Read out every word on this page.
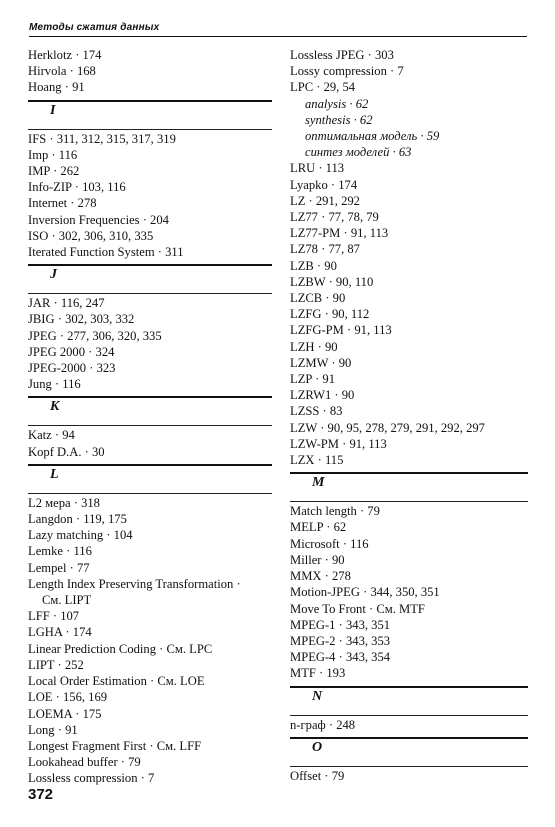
Методы сжатия данных
Herklotz · 174
Hirvola · 168
Hoang · 91
I
IFS · 311, 312, 315, 317, 319
Imp · 116
IMP · 262
Info-ZIP · 103, 116
Internet · 278
Inversion Frequencies · 204
ISO · 302, 306, 310, 335
Iterated Function System · 311
J
JAR · 116, 247
JBIG · 302, 303, 332
JPEG · 277, 306, 320, 335
JPEG 2000 · 324
JPEG-2000 · 323
Jung · 116
K
Katz · 94
Kopf D.A. · 30
L
L2 мера · 318
Langdon · 119, 175
Lazy matching · 104
Lemke · 116
Lempel · 77
Length Index Preserving Transformation ·
См. LIPT
LFF · 107
LGHA · 174
Linear Prediction Coding · См. LPC
LIPT · 252
Local Order Estimation · См. LOE
LOE · 156, 169
LOEMA · 175
Long · 91
Longest Fragment First · См. LFF
Lookahead buffer · 79
Lossless compression · 7
Lossless JPEG · 303
Lossy compression · 7
LPC · 29, 54
analysis · 62
synthesis · 62
оптимальная модель · 59
синтез моделей · 63
LRU · 113
Lyapko · 174
LZ · 291, 292
LZ77 · 77, 78, 79
LZ77-PM · 91, 113
LZ78 · 77, 87
LZB · 90
LZBW · 90, 110
LZCB · 90
LZFG · 90, 112
LZFG-PM · 91, 113
LZH · 90
LZMW · 90
LZP · 91
LZRW1 · 90
LZSS · 83
LZW · 90, 95, 278, 279, 291, 292, 297
LZW-PM · 91, 113
LZX · 115
M
Match length · 79
MELP · 62
Microsoft · 116
Miller · 90
MMX · 278
Motion-JPEG · 344, 350, 351
Move To Front · См. MTF
MPEG-1 · 343, 351
MPEG-2 · 343, 353
MPEG-4 · 343, 354
MTF · 193
N
n-граф · 248
O
Offset · 79
372
